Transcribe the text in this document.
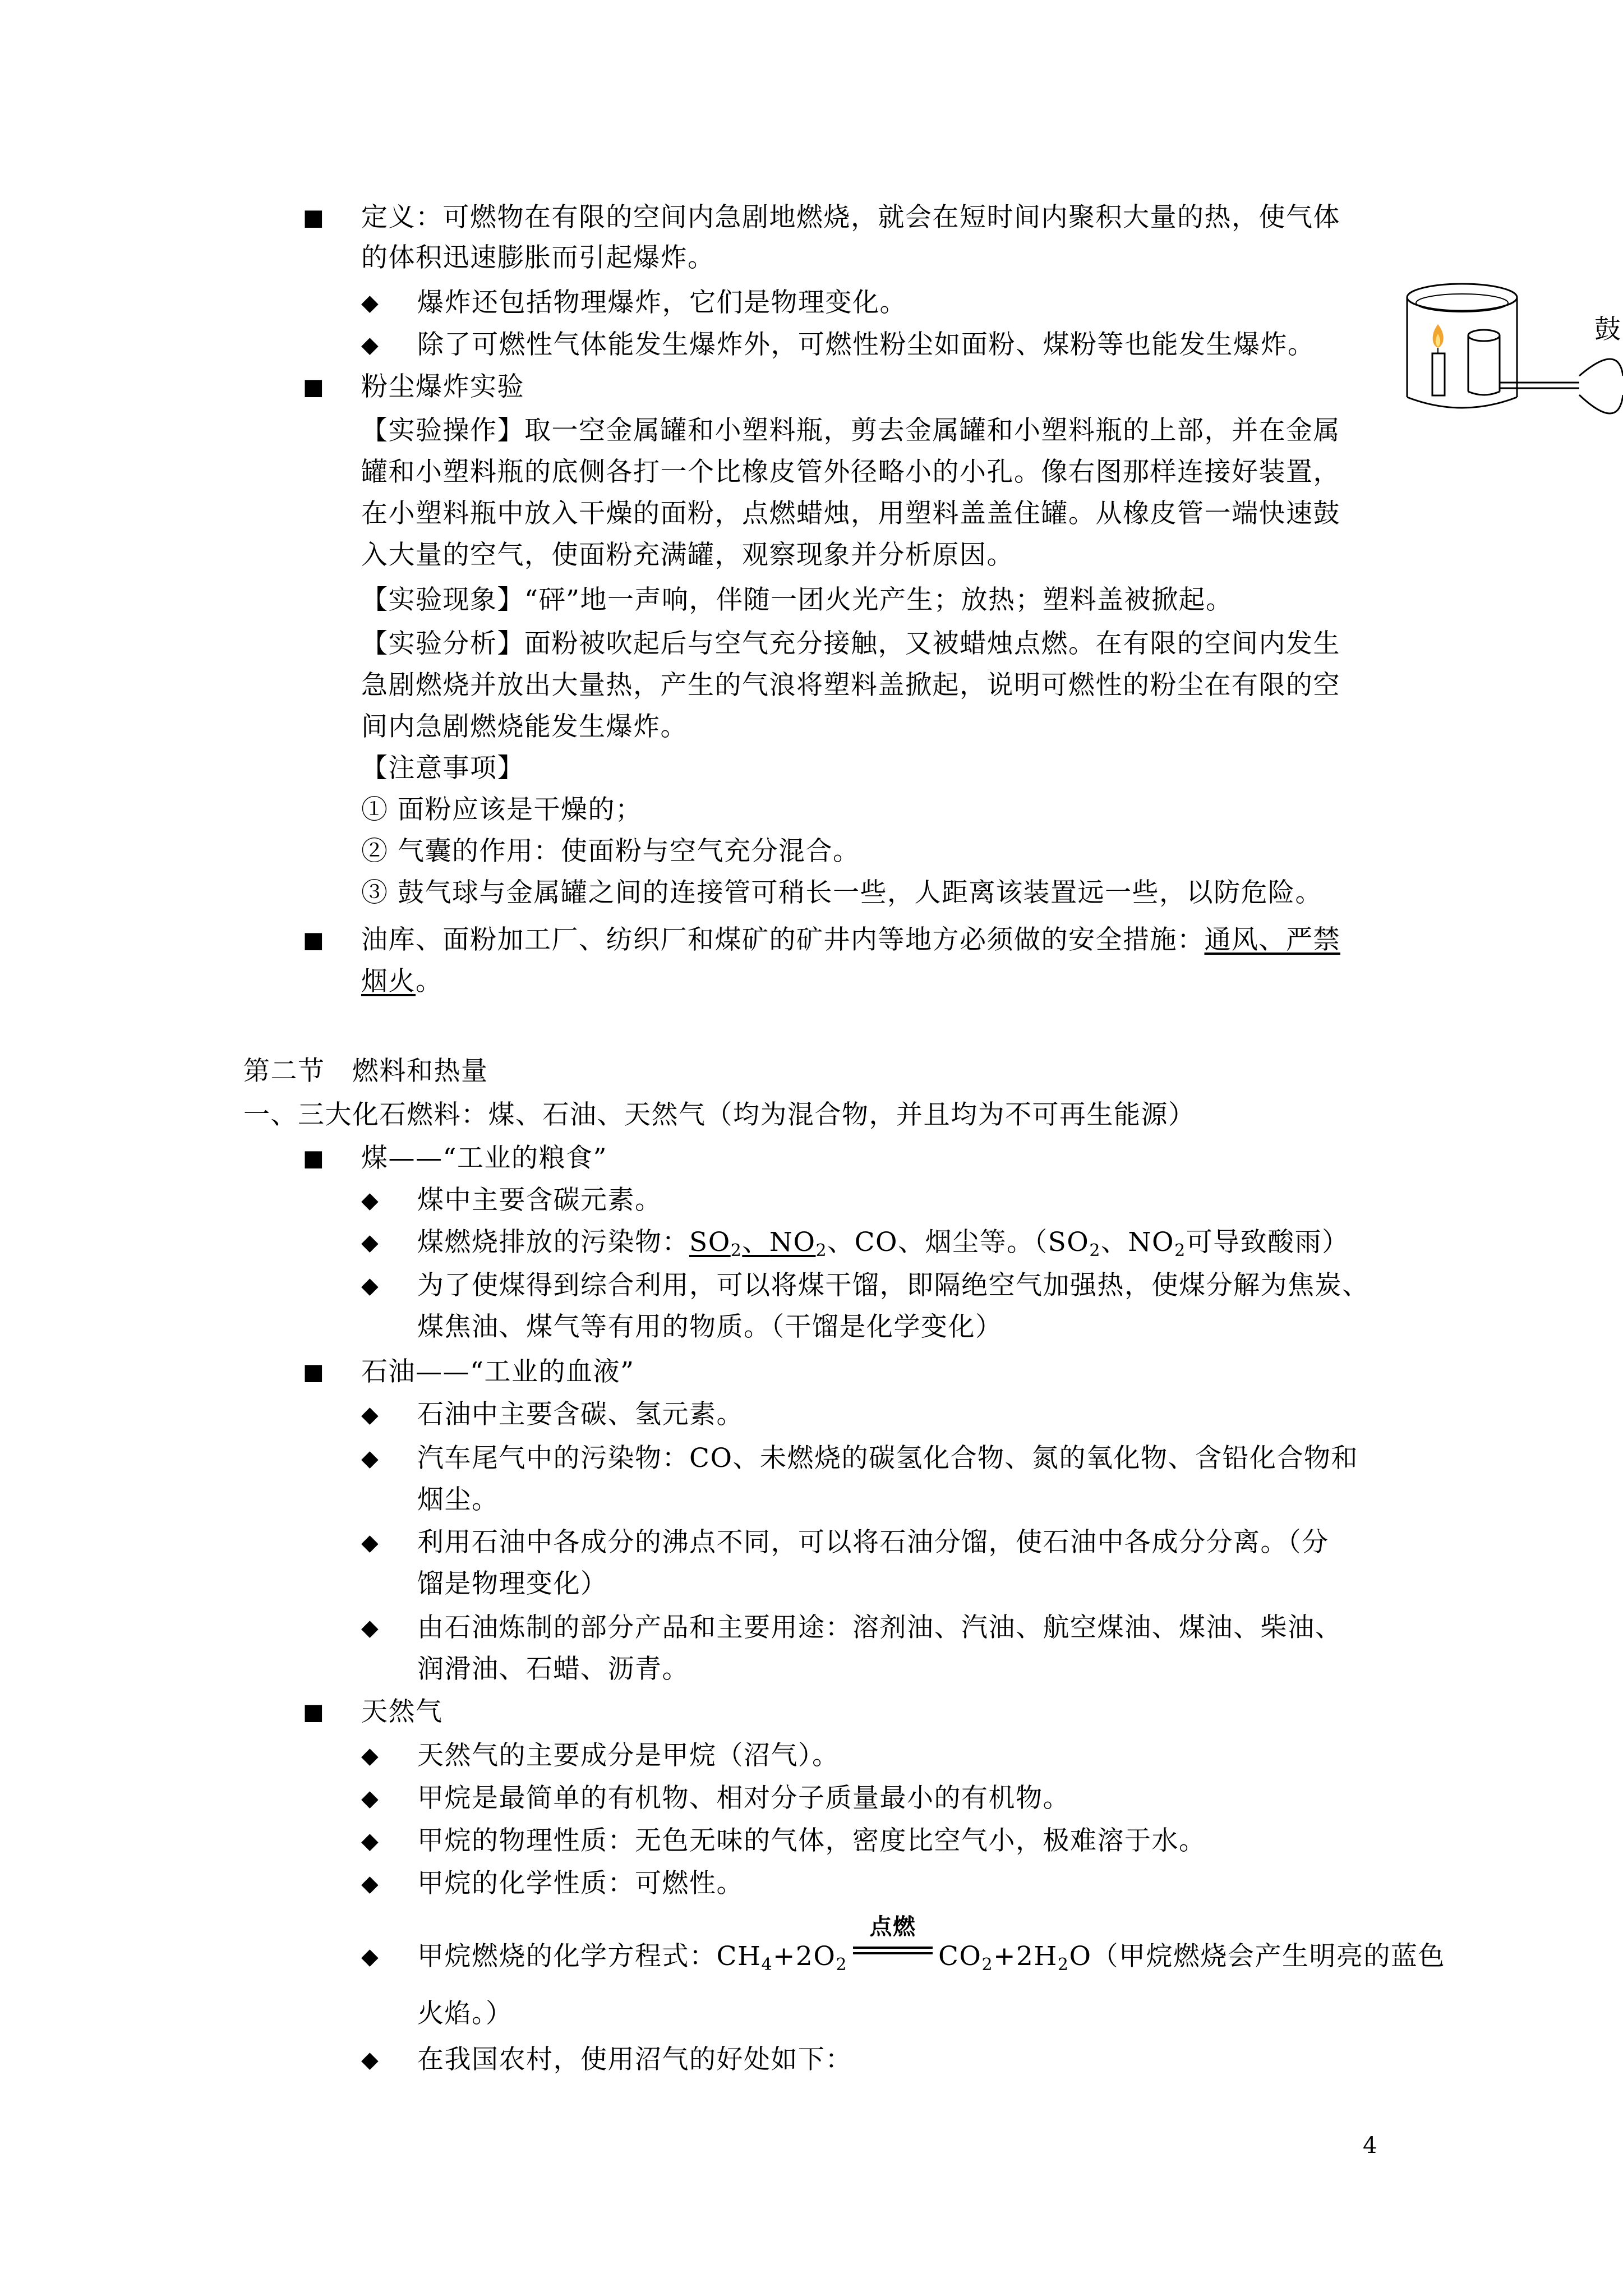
鼓
■ 定义：可燃物在有限的空间内急剧地燃烧，就会在短时间内聚积大量的热，使气体
的体积迅速膨胀而引起爆炸。
◆ 爆炸还包括物理爆炸，它们是物理变化。
◆ 除了可燃性气体能发生爆炸外，可燃性粉尘如面粉、煤粉等也能发生爆炸。
■ 粉尘爆炸实验
【实验操作】取一空金属罐和小塑料瓶，剪去金属罐和小塑料瓶的上部，并在金属
罐和小塑料瓶的底侧各打一个比橡皮管外径略小的小孔。像右图那样连接好装置，
在小塑料瓶中放入干燥的面粉，点燃蜡烛，用塑料盖盖住罐。从橡皮管一端快速鼓
入大量的空气，使面粉充满罐，观察现象并分析原因。
【实验现象】“砰”地一声响，伴随一团火光产生；放热；塑料盖被掀起。
【实验分析】面粉被吹起后与空气充分接触，又被蜡烛点燃。在有限的空间内发生
急剧燃烧并放出大量热，产生的气浪将塑料盖掀起，说明可燃性的粉尘在有限的空
间内急剧燃烧能发生爆炸。
【注意事项】
① 面粉应该是干燥的；
② 气囊的作用：使面粉与空气充分混合。
③ 鼓气球与金属罐之间的连接管可稍长一些，人距离该装置远一些，以防危险。
■ 油库、面粉加工厂、纺织厂和煤矿的矿井内等地方必须做的安全措施：通风、严禁
烟火。
第二节　燃料和热量
一、三大化石燃料：煤、石油、天然气（均为混合物，并且均为不可再生能源）
■ 煤——“工业的粮食”
◆ 煤中主要含碳元素。
◆ 煤燃烧排放的污染物：$SO_2$、$NO_2$、CO、烟尘等。（$SO_2$、$NO_2$可导致酸雨）
◆ 为了使煤得到综合利用，可以将煤干馏，即隔绝空气加强热，使煤分解为焦炭、
煤焦油、煤气等有用的物质。（干馏是化学变化）
■ 石油——“工业的血液”
◆ 石油中主要含碳、氢元素。
◆ 汽车尾气中的污染物：CO、未燃烧的碳氢化合物、氮的氧化物、含铅化合物和
烟尘。
◆ 利用石油中各成分的沸点不同，可以将石油分馏，使石油中各成分分离。（分
馏是物理变化）
◆ 由石油炼制的部分产品和主要用途：溶剂油、汽油、航空煤油、煤油、柴油、
润滑油、石蜡、沥青。
■ 天然气
◆ 天然气的主要成分是甲烷（沼气）。
◆ 甲烷是最简单的有机物、相对分子质量最小的有机物。
◆ 甲烷的物理性质：无色无味的气体，密度比空气小，极难溶于水。
◆ 甲烷的化学性质：可燃性。
◆ 甲烷燃烧的化学方程式：$CH_4+2O_2$
点燃
$CO_2+2H_2O$（甲烷燃烧会产生明亮的蓝色
火焰。）
◆ 在我国农村，使用沼气的好处如下：
4
